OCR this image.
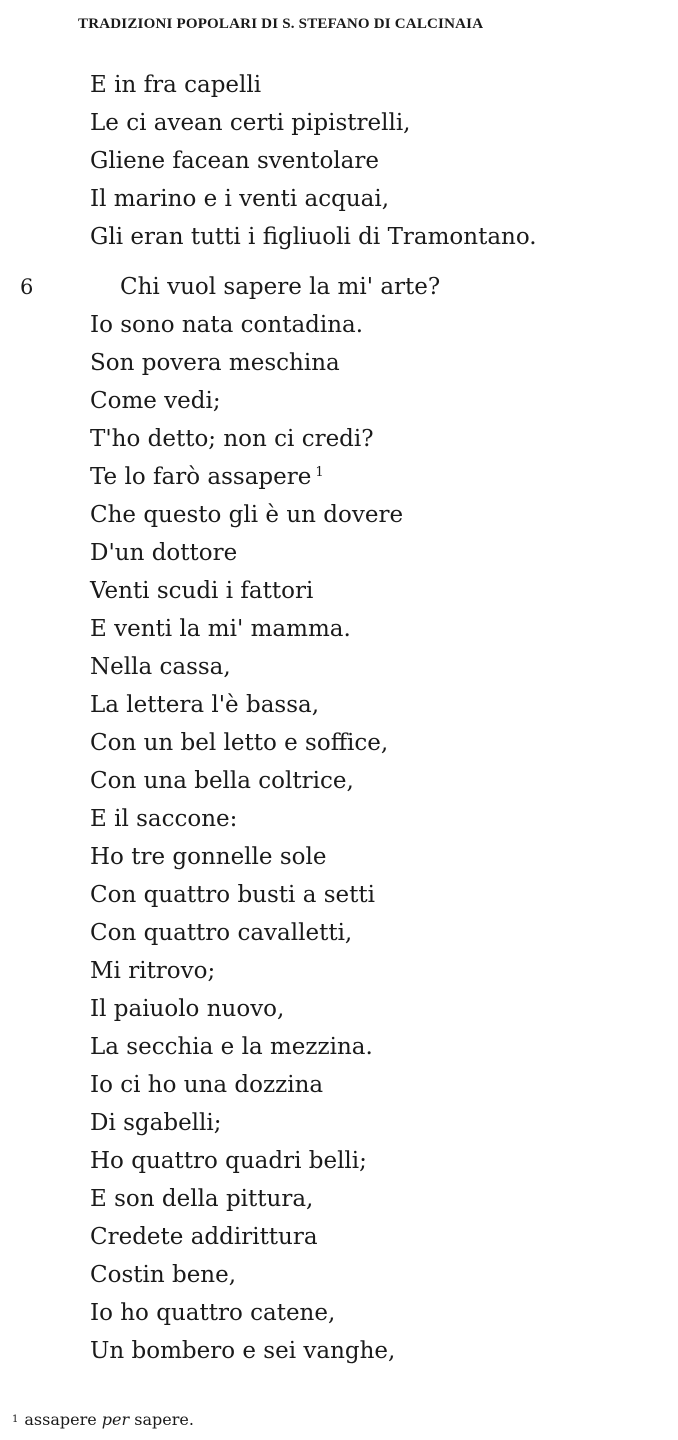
TRADIZIONI POPOLARI DI S. STEFANO DI CALCINAIA
E in fra capelli
Le ci avean certi pipistrelli,
Gliene facean sventolare
Il marino e i venti acquai,
Gli eran tutti i figliuoli di Tramontano.
6	Chi vuol sapere la mi' arte?
Io sono nata contadina.
Son povera meschina
Come vedi;
T'ho detto; non ci credi?
Te lo farò assapere $^1$
Che questo gli è un dovere
D'un dottore
Venti scudi i fattori
E venti la mi' mamma.
Nella cassa,
La lettera l'è bassa,
Con un bel letto e soffice,
Con una bella coltrice,
E il saccone:
Ho tre gonnelle sole
Con quattro busti a setti
Con quattro cavalletti,
Mi ritrovo;
Il paiuolo nuovo,
La secchia e la mezzina.
Io ci ho una dozzina
Di sgabelli;
Ho quattro quadri belli;
E son della pittura,
Credete addirittura
Costin bene,
Io ho quattro catene,
Un bombero e sei vanghe,
$^1$ assapere per sapere.
